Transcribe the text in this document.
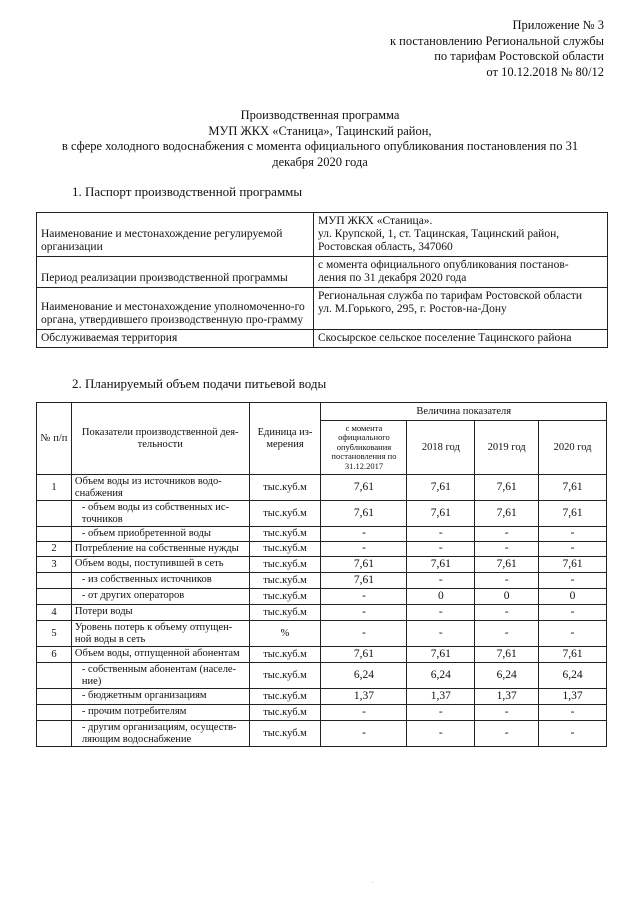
Приложение № 3
к постановлению Региональной службы
по тарифам Ростовской области
от 10.12.2018 № 80/12
Производственная программа
МУП ЖКХ «Станица», Тацинский район,
в сфере холодного водоснабжения с момента официального опубликования постановления по 31
декабря 2020 года
1. Паспорт производственной программы
Наименование и местонахождение регулируемой организации	МУП ЖКХ «Станица».
ул. Крупской, 1, ст. Тацинская, Тацинский район,
Ростовская область, 347060

Период реализации производственной программы	с момента официального опубликования постанов-
ления по 31 декабря 2020 года

Наименование и местонахождение уполномоченно-го органа, утвердившего производственную про-грамму	Региональная служба по тарифам Ростовской области
ул. М.Горького, 295, г. Ростов-на-Дону

Обслуживаемая территория	Скосырское сельское поселение Тацинского района
2. Планируемый объем подачи питьевой воды
№ п/п	Показатели производственной дея-тельности	Единица из-мерения	Величина показателя			
			с момента официального опубликования постановления по 31.12.2017	2018 год	2019 год	2020 год
1	Объем воды из источников водо-снабжения	тыс.куб.м	7,61	7,61	7,61	7,61
	- объем воды из собственных ис-точников	тыс.куб.м	7,61	7,61	7,61	7,61
	- объем приобретенной воды	тыс.куб.м	-	-	-	-
2	Потребление на собственные нужды	тыс.куб.м	-	-	-	-
3	Объем воды, поступившей в сеть	тыс.куб.м	7,61	7,61	7,61	7,61
	- из собственных источников	тыс.куб.м	7,61	-	-	-
	- от других операторов	тыс.куб.м	-	0	0	0
4	Потери воды	тыс.куб.м	-	-	-	-
5	Уровень потерь к объему отпущен-ной воды в сеть	%	-	-	-	-
6	Объем воды, отпущенной абонентам	тыс.куб.м	7,61	7,61	7,61	7,61
	- собственным абонентам (населе-ние)	тыс.куб.м	6,24	6,24	6,24	6,24
	- бюджетным организациям	тыс.куб.м	1,37	1,37	1,37	1,37
	- прочим потребителям	тыс.куб.м	-	-	-	-
	- другим организациям, осуществ-ляющим водоснабжение	тыс.куб.м	-	-	-	-
.
